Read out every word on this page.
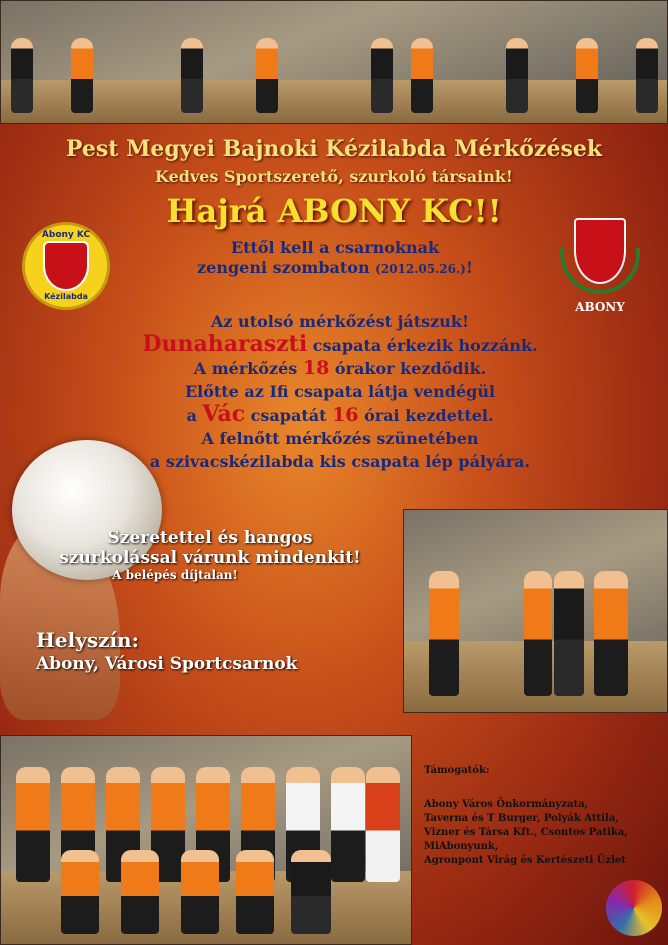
Pest Megyei Bajnoki Kézilabda Mérkőzések
Kedves Sportszerető, szurkoló társaink!
Hajrá ABONY KC!!
Abony KC
Kézilabda
ABONY
Ettől kell a csarnoknak
zengeni szombaton (2012.05.26.)!
Az utolsó mérkőzést játszuk!
Dunaharaszti csapata érkezik hozzánk.
A mérkőzés 18 órakor kezdődik.
Előtte az Ifi csapata látja vendégül
a Vác csapatát 16 órai kezdettel.
A felnőtt mérkőzés szünetében
a szivacskézilabda kis csapata lép pályára.
Szeretettel és hangos
szurkolással várunk mindenkit!
A belépés díjtalan!
Helyszín:
Abony, Városi Sportcsarnok
Támogatók:
Abony Város Önkormányzata,
Taverna és T Burger, Polyák Attila,
Vizner és Társa Kft., Csontos Patika,
MiAbonyunk,
Agronpont Virág és Kertészeti Üzlet
